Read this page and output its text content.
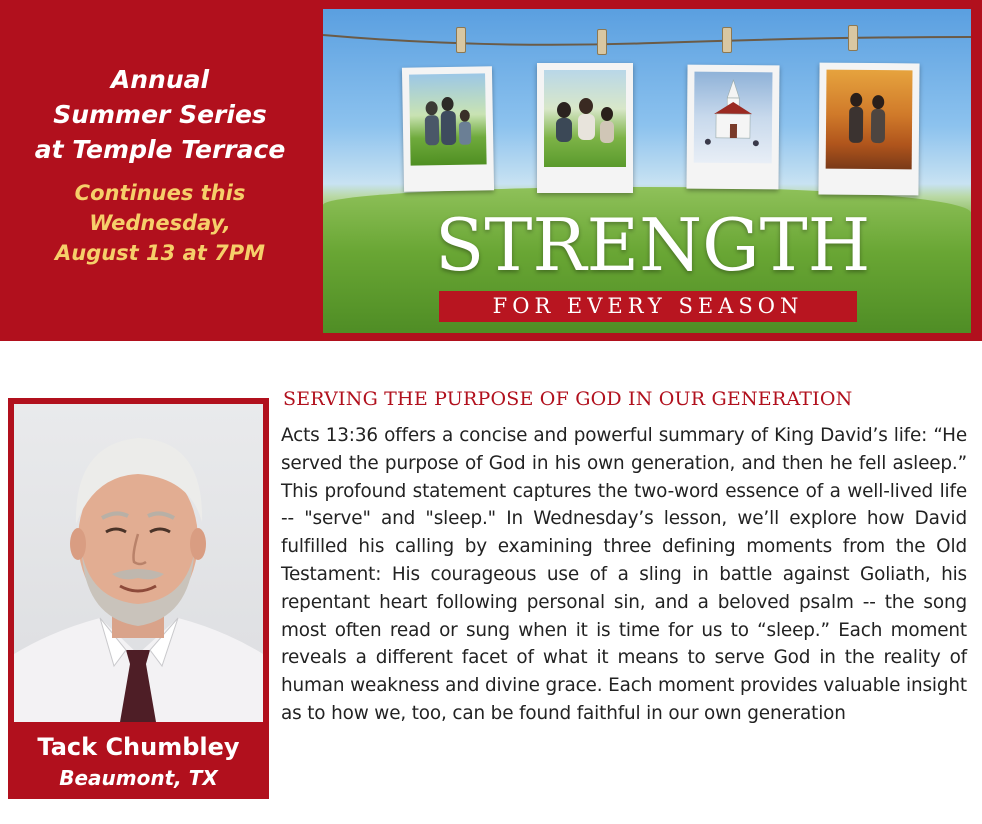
Annual
Summer Series
at Temple Terrace
Continues this
Wednesday,
August 13 at 7PM	STRENGTH
FOR EVERY SEASON
Tack Chumbley
Beaumont, TX
SERVING THE PURPOSE OF GOD IN OUR GENERATION
Acts 13:36 offers a concise and powerful summary of King David’s life: “He served the purpose of God in his own generation, and then he fell asleep.” This profound statement captures the two-word essence of a well-lived life -- "serve" and "sleep." In Wednesday’s lesson, we’ll explore how David fulfilled his calling by examining three defining moments from the Old Testament: His courageous use of a sling in battle against Goliath, his repentant heart following personal sin, and a beloved psalm -- the song most often read or sung when it is time for us to “sleep.” Each moment reveals a different facet of what it means to serve God in the reality of human weakness and divine grace. Each moment provides valuable insight as to how we, too, can be found faithful in our own generation
